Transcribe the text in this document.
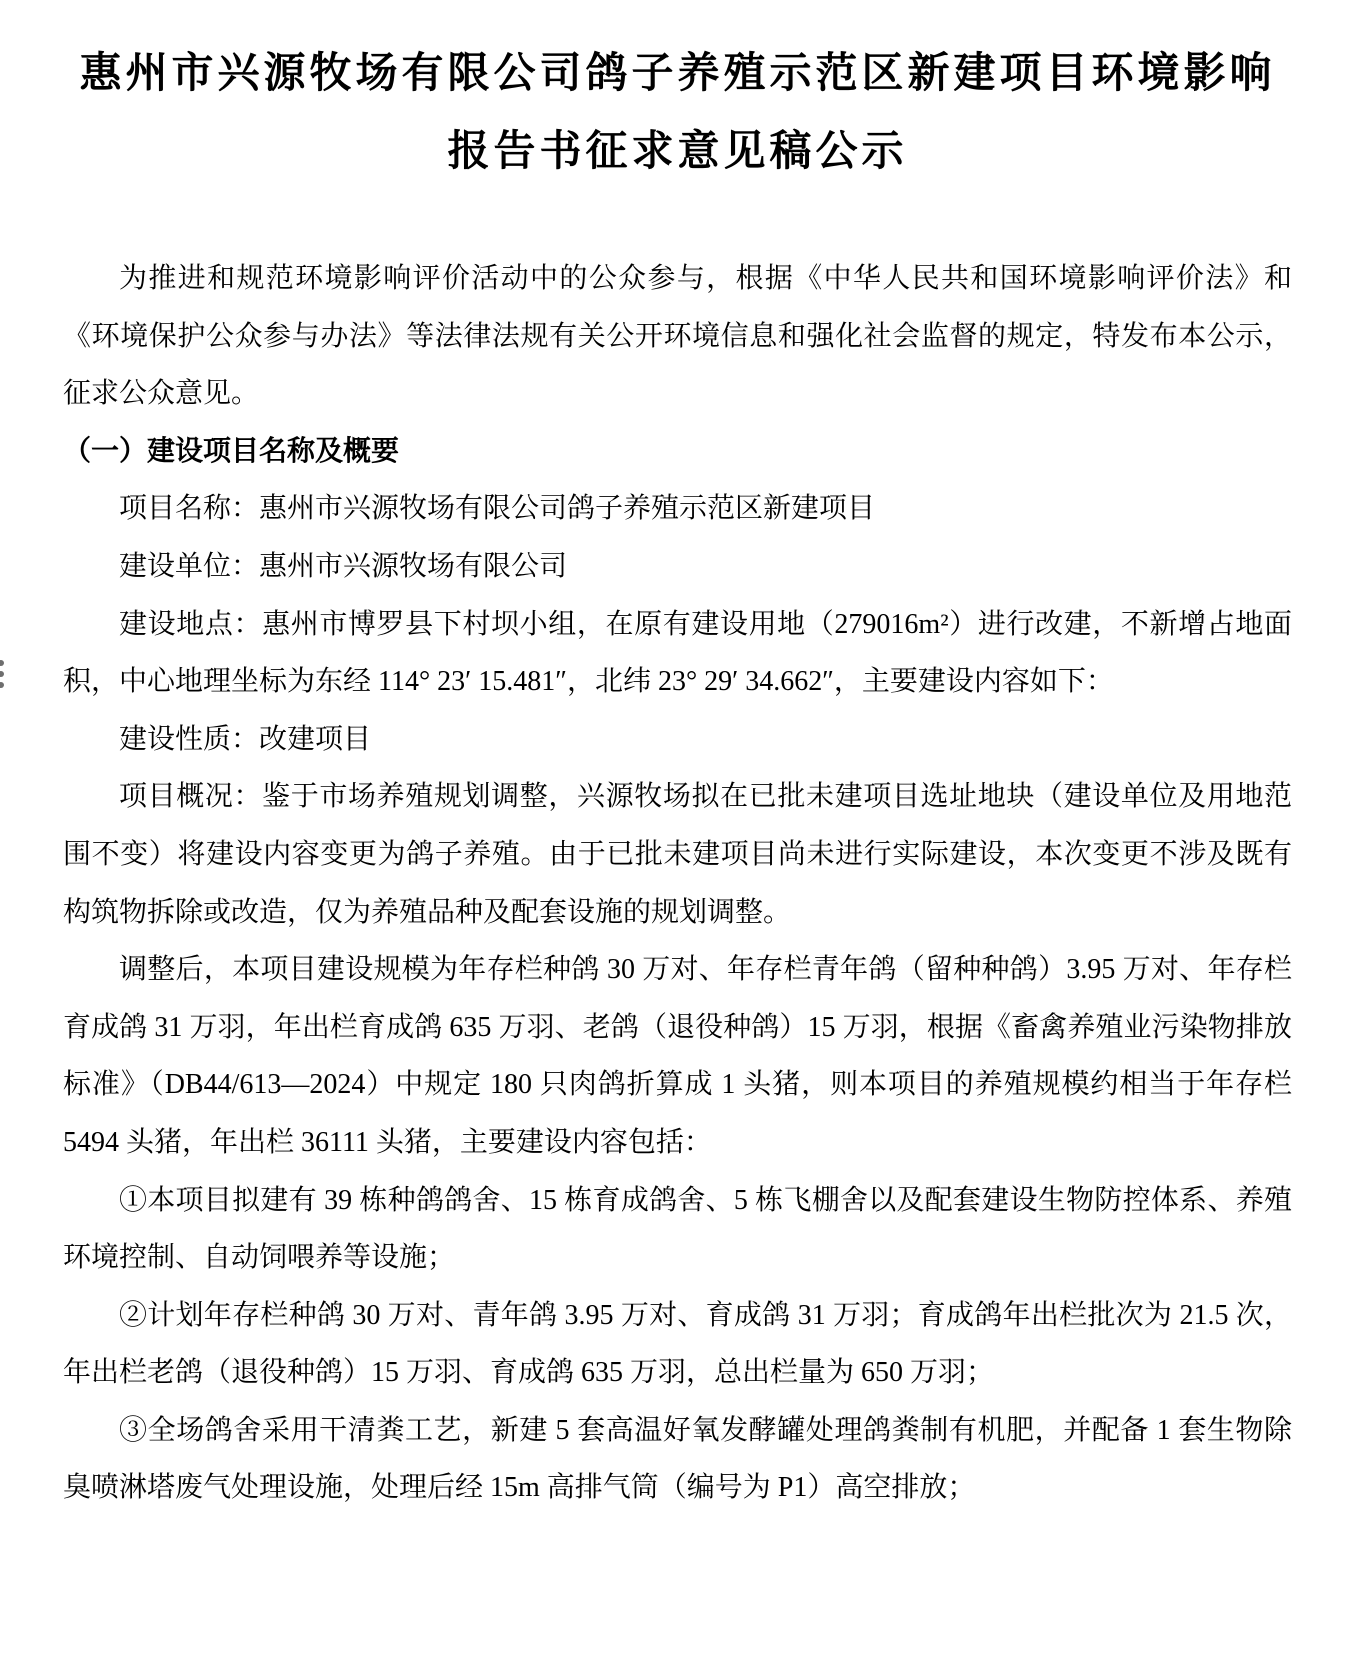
惠州市兴源牧场有限公司鸽子养殖示范区新建项目环境影响
报告书征求意见稿公示

为推进和规范环境影响评价活动中的公众参与，根据《中华人民共和国环境影响评价法》和《环境保护公众参与办法》等法律法规有关公开环境信息和强化社会监督的规定，特发布本公示，征求公众意见。

（一）建设项目名称及概要

项目名称：惠州市兴源牧场有限公司鸽子养殖示范区新建项目

建设单位：惠州市兴源牧场有限公司

建设地点：惠州市博罗县下村坝小组，在原有建设用地（279016m²）进行改建，不新增占地面积，中心地理坐标为东经 114° 23′ 15.481″，北纬 23° 29′ 34.662″，主要建设内容如下：

建设性质：改建项目

项目概况：鉴于市场养殖规划调整，兴源牧场拟在已批未建项目选址地块（建设单位及用地范围不变）将建设内容变更为鸽子养殖。由于已批未建项目尚未进行实际建设，本次变更不涉及既有构筑物拆除或改造，仅为养殖品种及配套设施的规划调整。

调整后，本项目建设规模为年存栏种鸽 30 万对、年存栏青年鸽（留种种鸽）3.95 万对、年存栏育成鸽 31 万羽，年出栏育成鸽 635 万羽、老鸽（退役种鸽）15 万羽，根据《畜禽养殖业污染物排放标准》（DB44/613—2024）中规定 180 只肉鸽折算成 1 头猪，则本项目的养殖规模约相当于年存栏 5494 头猪，年出栏 36111 头猪，主要建设内容包括：

①本项目拟建有 39 栋种鸽鸽舍、15 栋育成鸽舍、5 栋飞棚舍以及配套建设生物防控体系、养殖环境控制、自动饲喂养等设施；

②计划年存栏种鸽 30 万对、青年鸽 3.95 万对、育成鸽 31 万羽；育成鸽年出栏批次为 21.5 次，年出栏老鸽（退役种鸽）15 万羽、育成鸽 635 万羽，总出栏量为 650 万羽；

③全场鸽舍采用干清粪工艺，新建 5 套高温好氧发酵罐处理鸽粪制有机肥，并配备 1 套生物除臭喷淋塔废气处理设施，处理后经 15m 高排气筒（编号为 P1）高空排放；
